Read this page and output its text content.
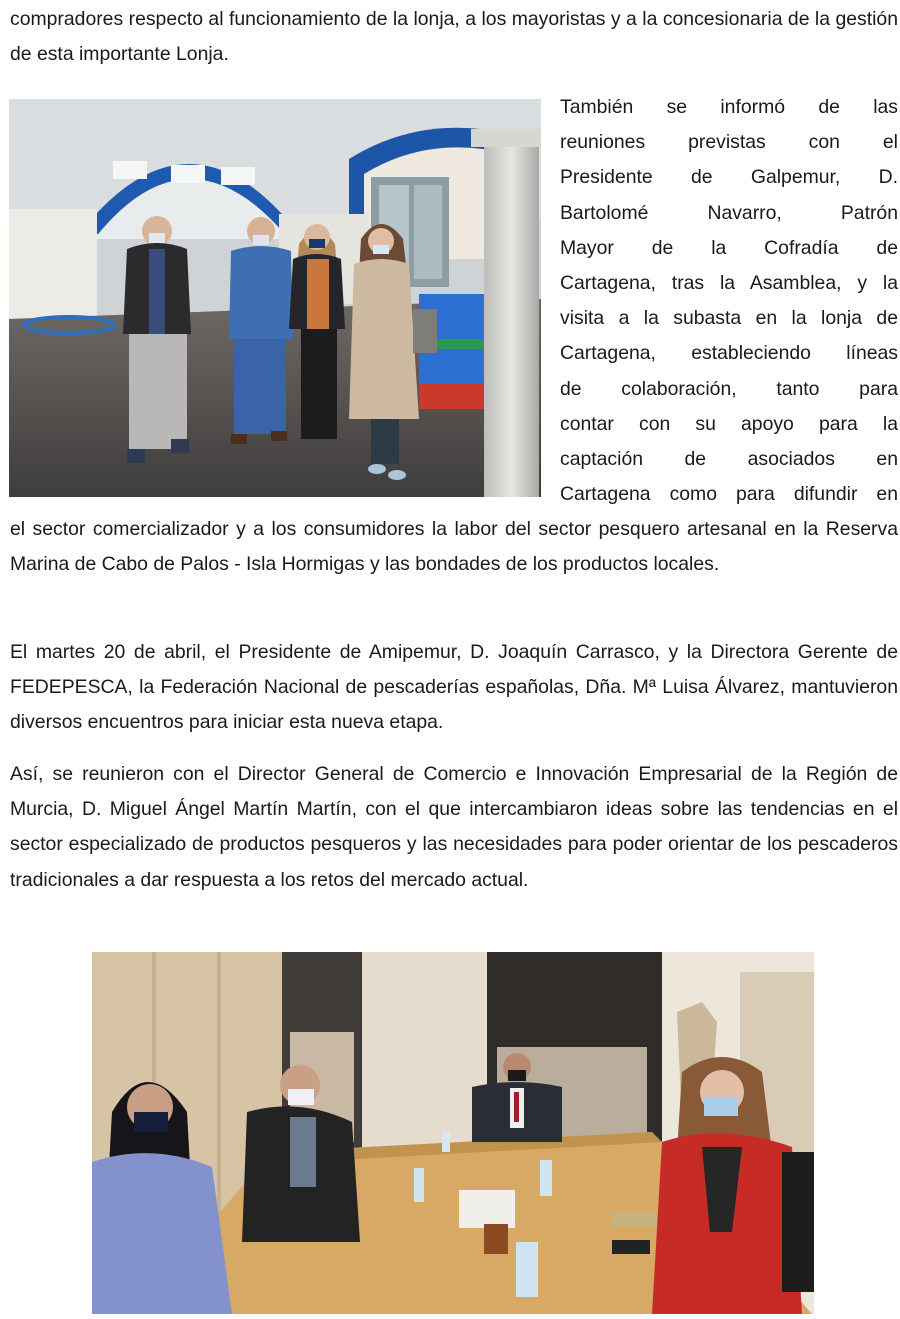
compradores respecto al funcionamiento de la lonja, a los mayoristas y a la concesionaria de la gestión de esta importante Lonja.

También se informó de las
reuniones previstas con el
Presidente de Galpemur, D.
Bartolomé Navarro, Patrón
Mayor de la Cofradía de
Cartagena, tras la Asamblea, y la
visita a la subasta en la lonja de
Cartagena, estableciendo líneas
de colaboración, tanto para
contar con su apoyo para la
captación de asociados en
Cartagena como para difundir en

el sector comercializador y a los consumidores la labor del sector pesquero artesanal en la Reserva Marina de Cabo de Palos - Isla Hormigas y las bondades de los productos locales.

El martes 20 de abril, el Presidente de Amipemur, D. Joaquín Carrasco, y la Directora Gerente de FEDEPESCA, la Federación Nacional de pescaderías españolas, Dña. Mª Luisa Álvarez, mantuvieron diversos encuentros para iniciar esta nueva etapa.

Así, se reunieron con el Director General de Comercio e Innovación Empresarial de la Región de Murcia, D. Miguel Ángel Martín Martín, con el que intercambiaron ideas sobre las tendencias en el sector especializado de productos pesqueros y las necesidades para poder orientar de los pescaderos tradicionales a dar respuesta a los retos del mercado actual.
